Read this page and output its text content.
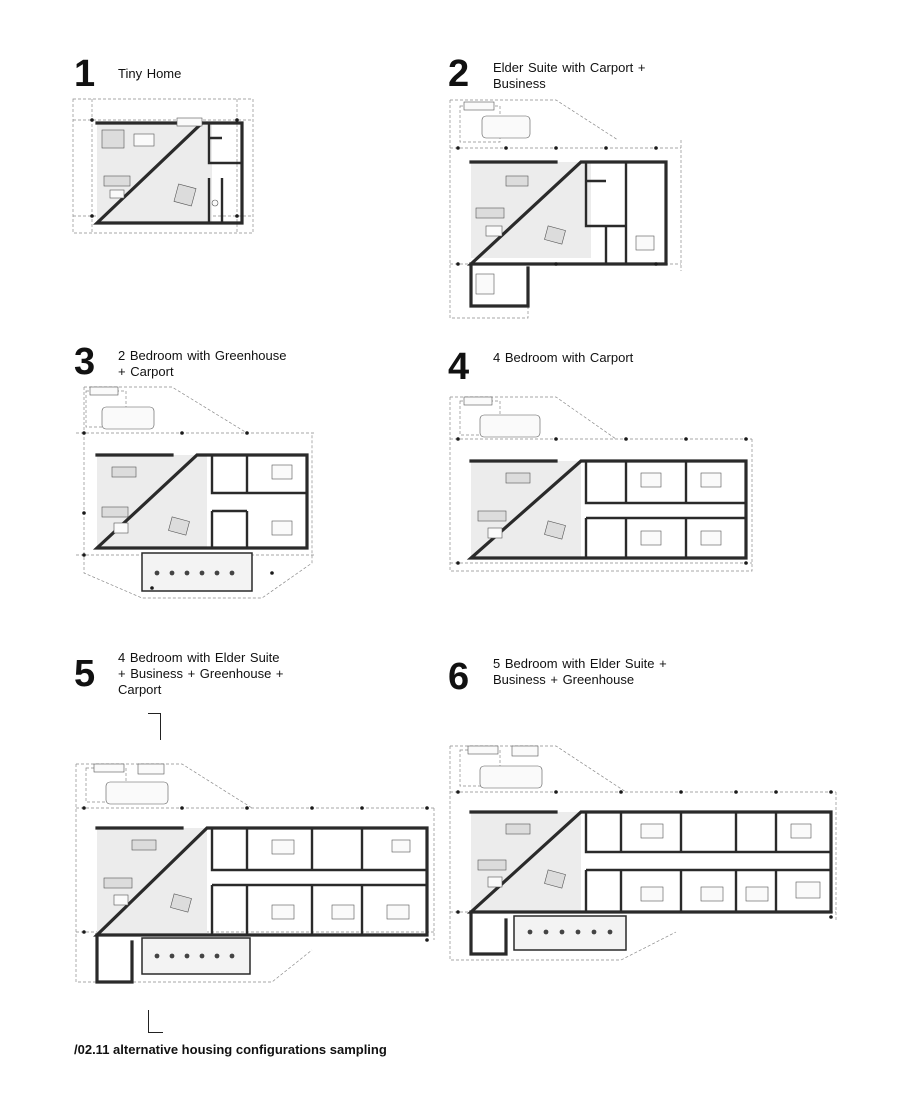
1 Tiny Home	2 Elder Suite with Carport +
Business
3 2 Bedroom with Greenhouse
+ Carport	4 4 Bedroom with Carport
5 4 Bedroom with Elder Suite
+ Business + Greenhouse +
Carport	6 5 Bedroom with Elder Suite +
Business + Greenhouse
/02.11 alternative housing configurations sampling
